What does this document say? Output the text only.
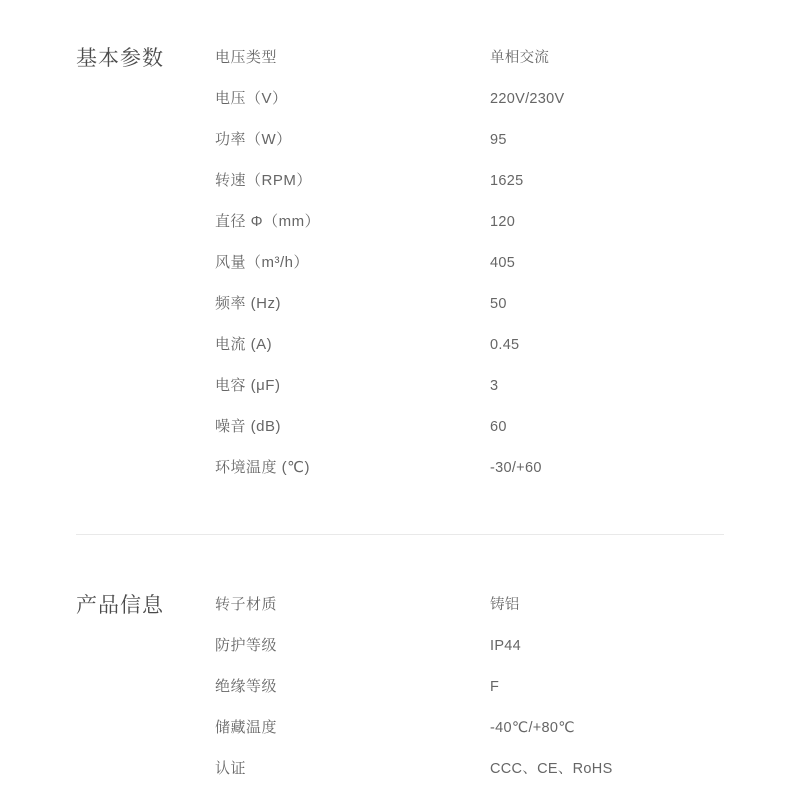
基本参数	电压类型	单相交流
电压（V）	220V/230V
功率（W）	95
转速（RPM）	1625
直径 Φ（mm）	120
风量（m³/h）	405
频率 (Hz)	50
电流 (A)	0.45
电容 (μF)	3
噪音 (dB)	60
环境温度 (℃)	-30/+60
产品信息	转子材质	铸铝
防护等级	IP44
绝缘等级	F
储藏温度	-40℃/+80℃
认证	CCC、CE、RoHS
